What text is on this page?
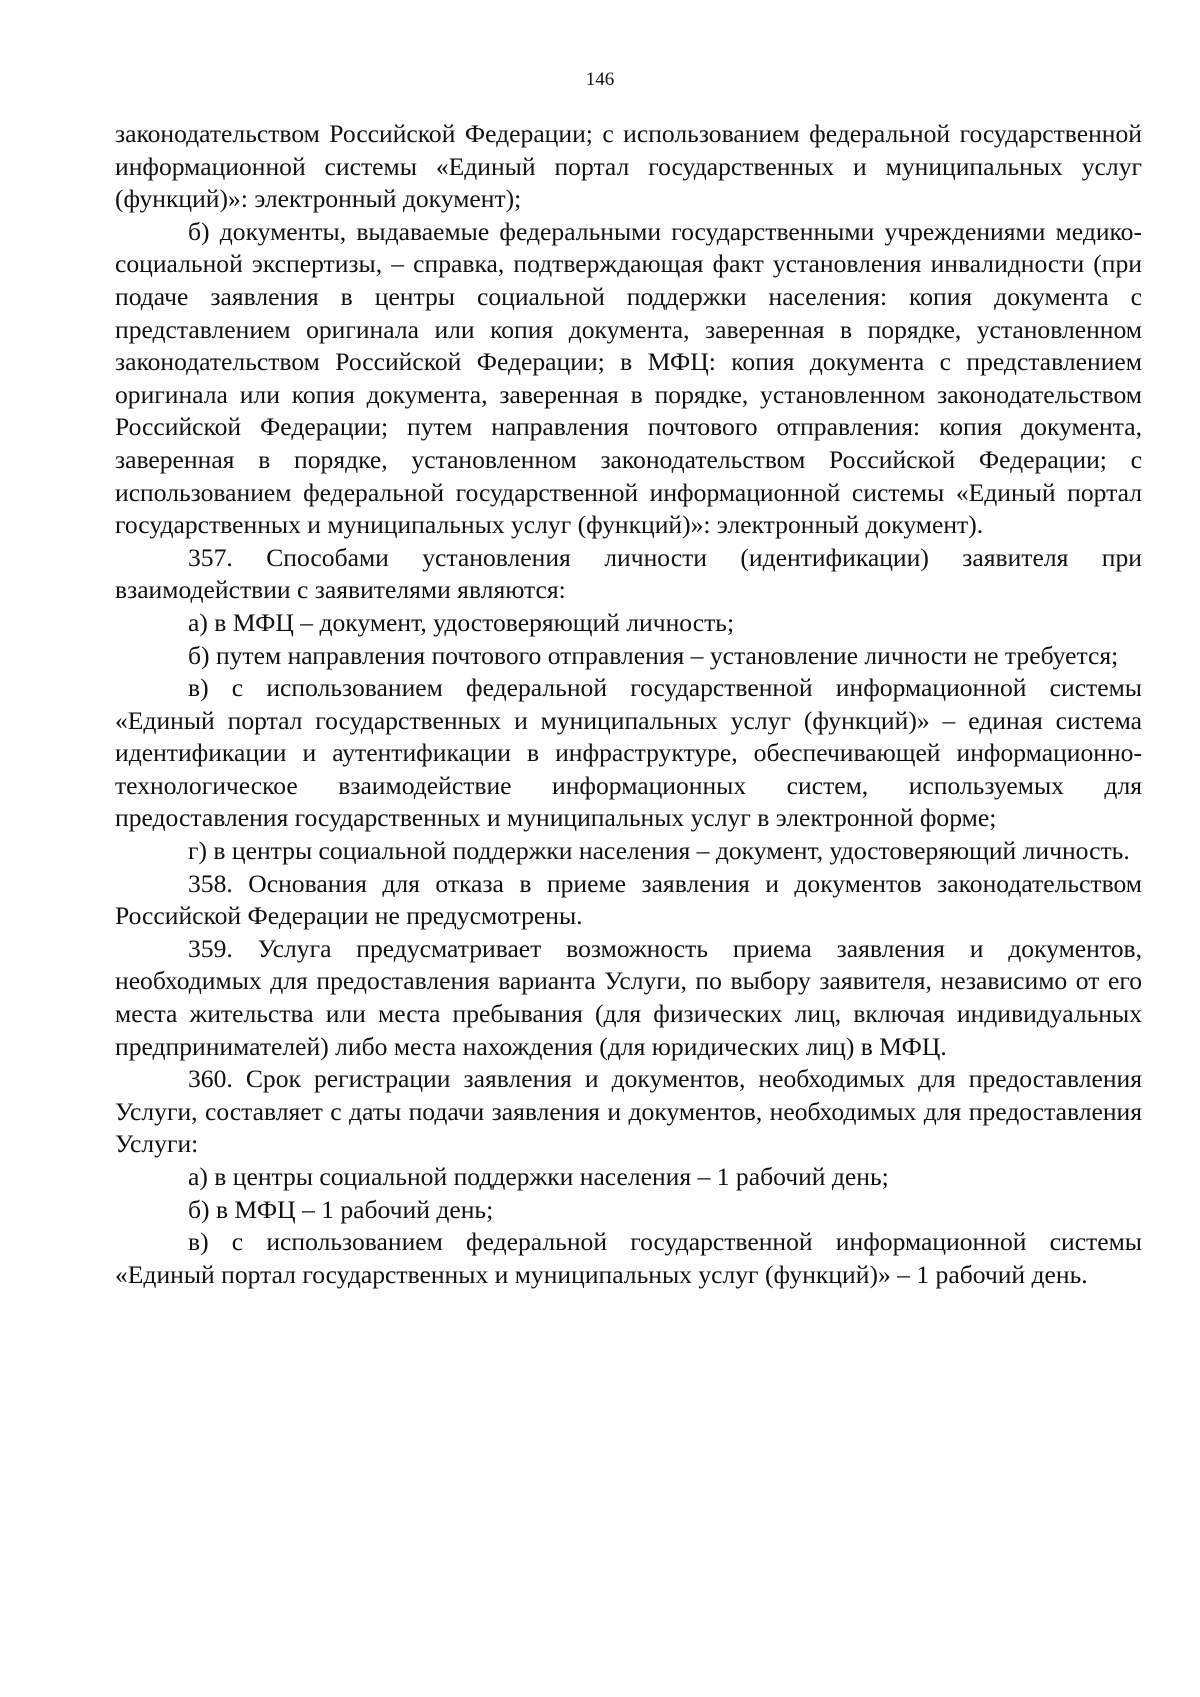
146

законодательством Российской Федерации; с использованием федеральной государственной информационной системы «Единый портал государственных и муниципальных услуг (функций)»: электронный документ);

б) документы, выдаваемые федеральными государственными учреждениями медико-социальной экспертизы, – справка, подтверждающая факт установления инвалидности (при подаче заявления в центры социальной поддержки населения: копия документа с представлением оригинала или копия документа, заверенная в порядке, установленном законодательством Российской Федерации; в МФЦ: копия документа с представлением оригинала или копия документа, заверенная в порядке, установленном законодательством Российской Федерации; путем направления почтового отправления: копия документа, заверенная в порядке, установленном законодательством Российской Федерации; с использованием федеральной государственной информационной системы «Единый портал государственных и муниципальных услуг (функций)»: электронный документ).

357. Способами установления личности (идентификации) заявителя при взаимодействии с заявителями являются:

а) в МФЦ – документ, удостоверяющий личность;

б) путем направления почтового отправления – установление личности не требуется;

в) с использованием федеральной государственной информационной системы «Единый портал государственных и муниципальных услуг (функций)» – единая система идентификации и аутентификации в инфраструктуре, обеспечивающей информационно-технологическое взаимодействие информационных систем, используемых для предоставления государственных и муниципальных услуг в электронной форме;

г) в центры социальной поддержки населения – документ, удостоверяющий личность.

358. Основания для отказа в приеме заявления и документов законодательством Российской Федерации не предусмотрены.

359. Услуга предусматривает возможность приема заявления и документов, необходимых для предоставления варианта Услуги, по выбору заявителя, независимо от его места жительства или места пребывания (для физических лиц, включая индивидуальных предпринимателей) либо места нахождения (для юридических лиц) в МФЦ.

360. Срок регистрации заявления и документов, необходимых для предоставления Услуги, составляет с даты подачи заявления и документов, необходимых для предоставления Услуги:

а) в центры социальной поддержки населения – 1 рабочий день;

б) в МФЦ – 1 рабочий день;

в) с использованием федеральной государственной информационной системы «Единый портал государственных и муниципальных услуг (функций)» – 1 рабочий день.
